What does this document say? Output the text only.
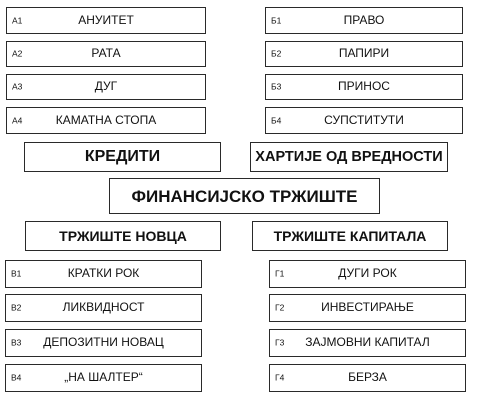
А1	АНУИТЕТ
А2	РАТА
А3	ДУГ
А4	КАМАТНА СТОПА
Б1	ПРАВО
Б2	ПАПИРИ
Б3	ПРИНОС
Б4	СУПСТИТУТИ
КРЕДИТИ	ХАРТИЈЕ ОД ВРЕДНОСТИ
ФИНАНСИЈСКО ТРЖИШТЕ
ТРЖИШТЕ НОВЦА	ТРЖИШТЕ КАПИТАЛА
В1	КРАТКИ РОК
В2	ЛИКВИДНОСТ
В3	ДЕПОЗИТНИ НОВАЦ
В4	„НА ШАЛТЕР“
Г1	ДУГИ РОК
Г2	ИНВЕСТИРАЊЕ
Г3	ЗАЈМОВНИ КАПИТАЛ
Г4	БЕРЗА
